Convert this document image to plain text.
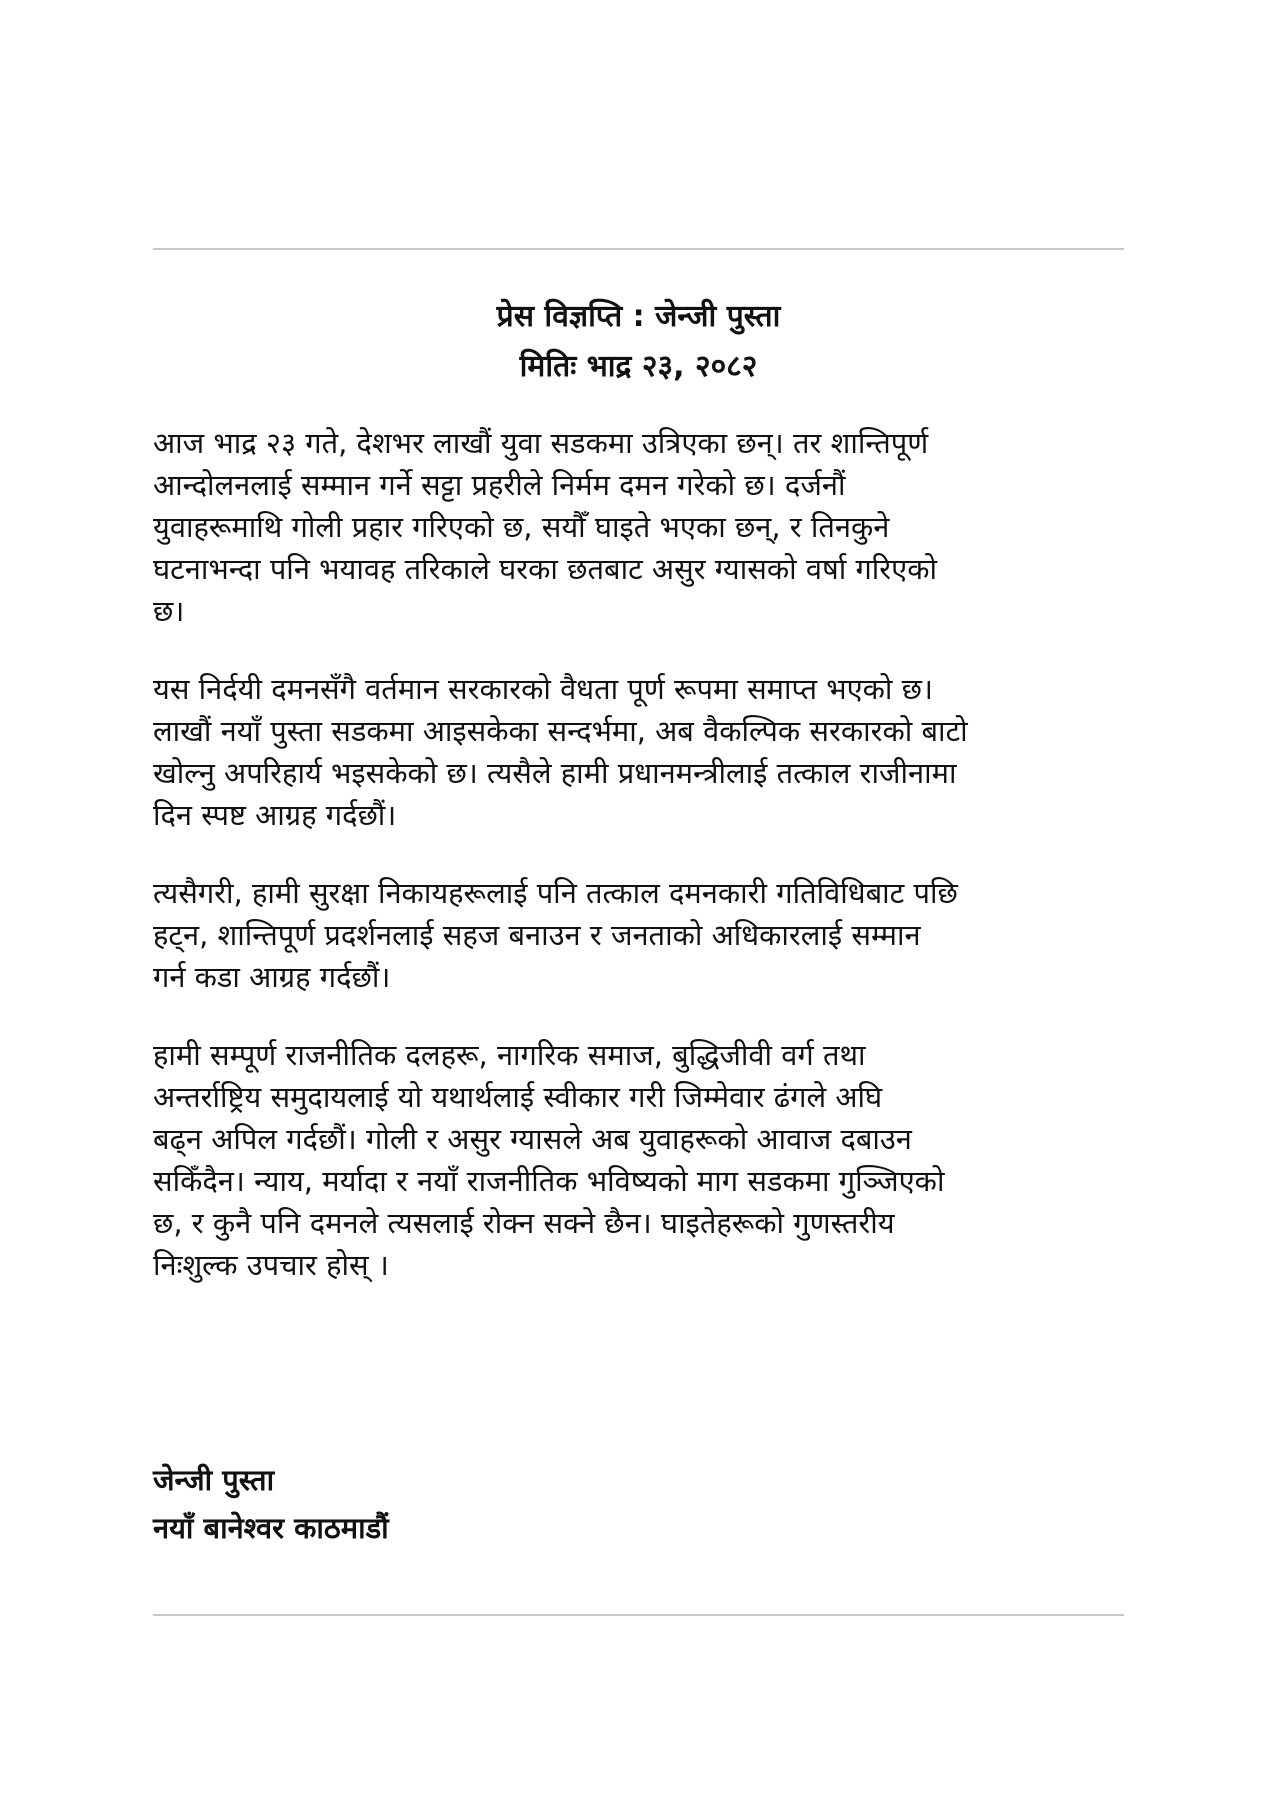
प्रेस विज्ञप्ति : जेन्जी पुस्ता
मितिः भाद्र २३, २०८२

आज भाद्र २३ गते, देशभर लाखौं युवा सडकमा उत्रिएका छन्। तर शान्तिपूर्ण
आन्दोलनलाई सम्मान गर्ने सट्टा प्रहरीले निर्मम दमन गरेको छ। दर्जनौं
युवाहरूमाथि गोली प्रहार गरिएको छ, सयौँ घाइते भएका छन्, र तिनकुने
घटनाभन्दा पनि भयावह तरिकाले घरका छतबाट असुर ग्यासको वर्षा गरिएको
छ।

यस निर्दयी दमनसँगै वर्तमान सरकारको वैधता पूर्ण रूपमा समाप्त भएको छ।
लाखौं नयाँ पुस्ता सडकमा आइसकेका सन्दर्भमा, अब वैकल्पिक सरकारको बाटो
खोल्नु अपरिहार्य भइसकेको छ। त्यसैले हामी प्रधानमन्त्रीलाई तत्काल राजीनामा
दिन स्पष्ट आग्रह गर्दछौं।

त्यसैगरी, हामी सुरक्षा निकायहरूलाई पनि तत्काल दमनकारी गतिविधिबाट पछि
हट्न, शान्तिपूर्ण प्रदर्शनलाई सहज बनाउन र जनताको अधिकारलाई सम्मान
गर्न कडा आग्रह गर्दछौं।

हामी सम्पूर्ण राजनीतिक दलहरू, नागरिक समाज, बुद्धिजीवी वर्ग तथा
अन्तर्राष्ट्रिय समुदायलाई यो यथार्थलाई स्वीकार गरी जिम्मेवार ढंगले अघि
बढ्न अपिल गर्दछौं। गोली र असुर ग्यासले अब युवाहरूको आवाज दबाउन
सकिँदैन। न्याय, मर्यादा र नयाँ राजनीतिक भविष्यको माग सडकमा गुञ्जिएको
छ, र कुनै पनि दमनले त्यसलाई रोक्न सक्ने छैन। घाइतेहरूको गुणस्तरीय
निःशुल्क उपचार होस् ।

जेन्जी पुस्ता
नयाँ बानेश्वर काठमाडौं
